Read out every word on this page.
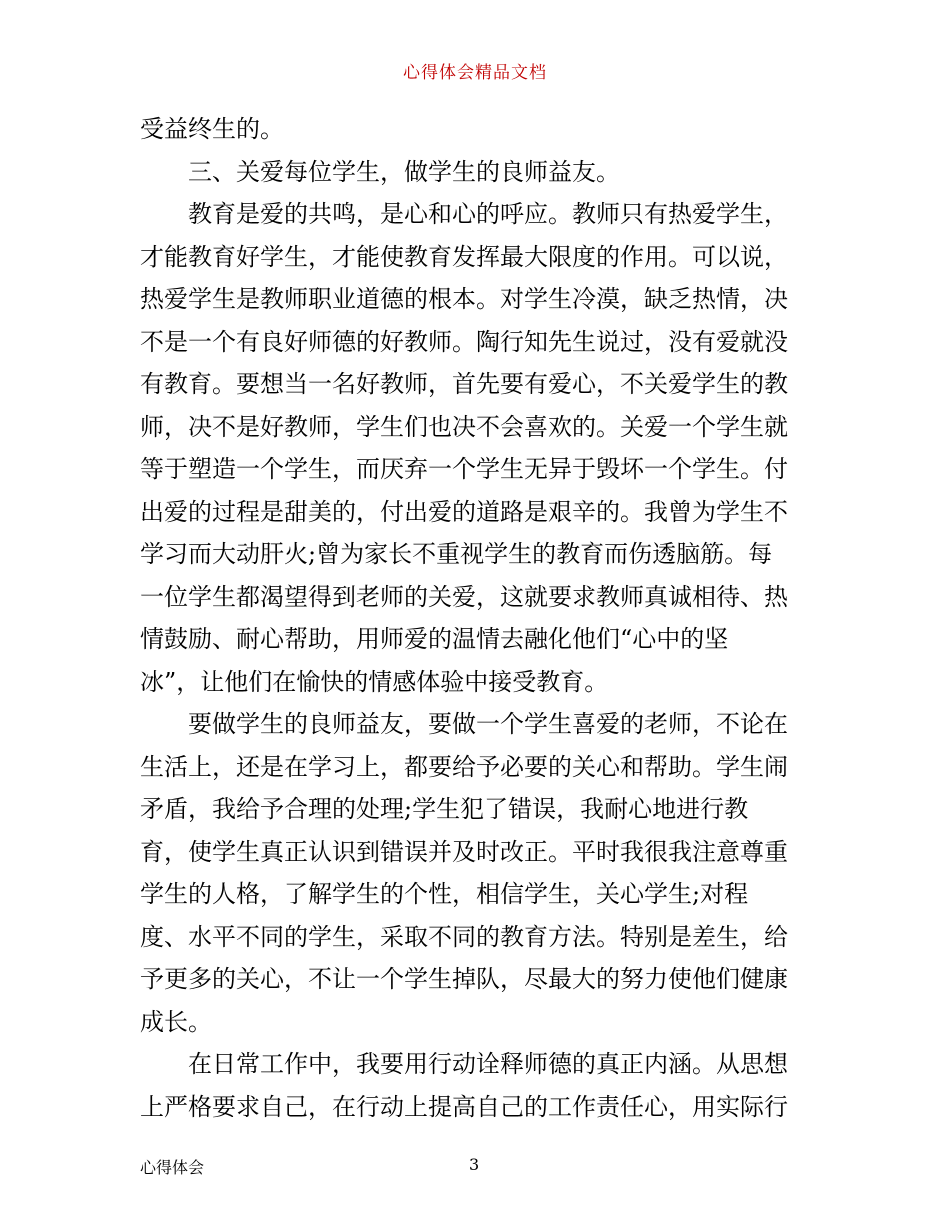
心得体会精品文档
受益终生的。
　　三、关爱每位学生，做学生的良师益友。
　　教育是爱的共鸣，是心和心的呼应。教师只有热爱学生，
才能教育好学生，才能使教育发挥最大限度的作用。可以说，
热爱学生是教师职业道德的根本。对学生冷漠，缺乏热情，决
不是一个有良好师德的好教师。陶行知先生说过，没有爱就没
有教育。要想当一名好教师，首先要有爱心，不关爱学生的教
师，决不是好教师，学生们也决不会喜欢的。关爱一个学生就
等于塑造一个学生，而厌弃一个学生无异于毁坏一个学生。付
出爱的过程是甜美的，付出爱的道路是艰辛的。我曾为学生不
学习而大动肝火;曾为家长不重视学生的教育而伤透脑筋。每
一位学生都渴望得到老师的关爱，这就要求教师真诚相待、热
情鼓励、耐心帮助，用师爱的温情去融化他们“心中的坚
冰”，让他们在愉快的情感体验中接受教育。
　　要做学生的良师益友，要做一个学生喜爱的老师，不论在
生活上，还是在学习上，都要给予必要的关心和帮助。学生闹
矛盾，我给予合理的处理;学生犯了错误，我耐心地进行教
育，使学生真正认识到错误并及时改正。平时我很我注意尊重
学生的人格，了解学生的个性，相信学生，关心学生;对程
度、水平不同的学生，采取不同的教育方法。特别是差生，给
予更多的关心，不让一个学生掉队，尽最大的努力使他们健康
成长。
　　在日常工作中，我要用行动诠释师德的真正内涵。从思想
上严格要求自己，在行动上提高自己的工作责任心，用实际行
心得体会	3
